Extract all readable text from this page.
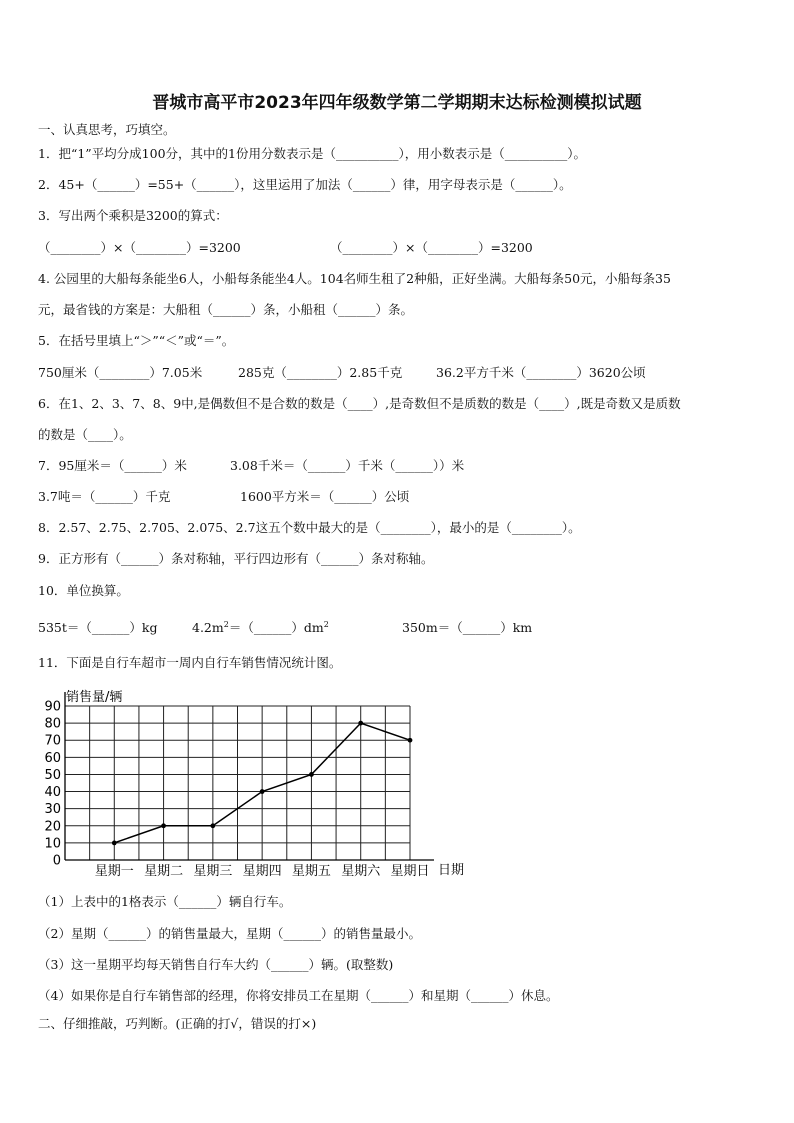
晋城市高平市2023年四年级数学第二学期期末达标检测模拟试题
一、认真思考，巧填空。
1．把“1”平均分成100分，其中的1份用分数表示是（__________），用小数表示是（__________）。
2．45+（______）=55+（______），这里运用了加法（______）律，用字母表示是（______）。
3．写出两个乘积是3200的算式：
（________）×（________）=3200	（________）×（________）=3200
4. 公园里的大船每条能坐6人，小船每条能坐4人。104名师生租了2种船，正好坐满。大船每条50元，小船每条35
元，最省钱的方案是：大船租（______）条，小船租（______）条。
5．在括号里填上“＞”“＜”或“＝”。
750厘米（________）7.05米	285克（________）2.85千克	36.2平方千米（________）3620公顷
6．在1、2、3、7、8、9中,是偶数但不是合数的数是（____）,是奇数但不是质数的数是（____）,既是奇数又是质数
的数是（____）。
7．95厘米＝（______）米	3.08千米＝（______）千米（______））米
3.7吨＝（______）千克	1600平方米＝（______）公顷
8．2.57、2.75、2.705、2.075、2.7这五个数中最大的是（________），最小的是（________）。
9．正方形有（______）条对称轴，平行四边形有（______）条对称轴。
10．单位换算。
535t＝（______）kg	$4.2m^2=(\_\_\_\_\_\_)dm^2$	350m＝（______）km
11．下面是自行车超市一周内自行车销售情况统计图。
0
10
20
30
40
50
60
70
80
90
星期一 星期二 星期三 星期四 星期五 星期六 星期日
销售量/辆
日期
（1）上表中的1格表示（______）辆自行车。
（2）星期（______）的销售量最大，星期（______）的销售量最小。
（3）这一星期平均每天销售自行车大约（______）辆。(取整数)
（4）如果你是自行车销售部的经理，你将安排员工在星期（______）和星期（______）休息。
二、仔细推敲，巧判断。(正确的打√，错误的打×)
